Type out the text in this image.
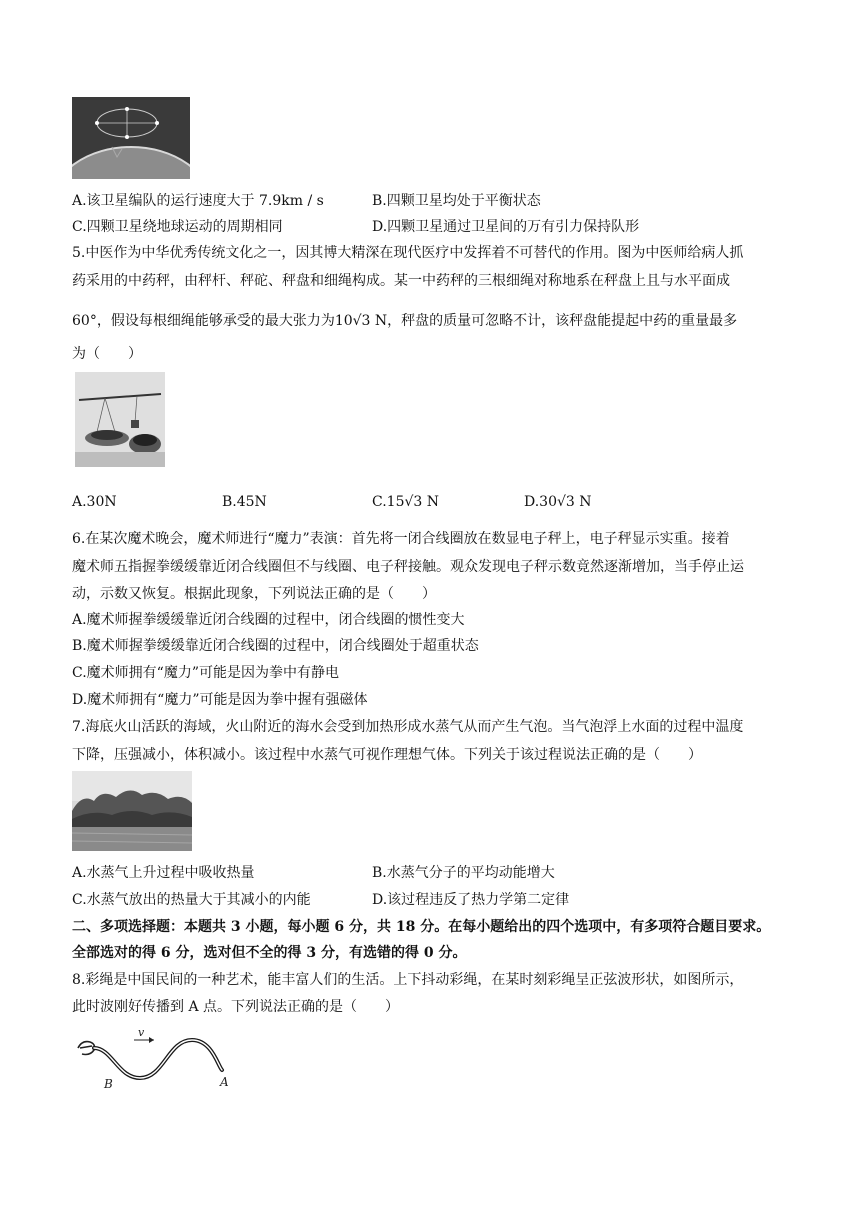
A.该卫星编队的运行速度大于 7.9km / s	B.四颗卫星均处于平衡状态
C.四颗卫星绕地球运动的周期相同	D.四颗卫星通过卫星间的万有引力保持队形
5.中医作为中华优秀传统文化之一，因其博大精深在现代医疗中发挥着不可替代的作用。图为中医师给病人抓
药采用的中药秤，由秤杆、秤砣、秤盘和细绳构成。某一中药秤的三根细绳对称地系在秤盘上且与水平面成
60°，假设每根细绳能够承受的最大张力为10√3 N，秤盘的质量可忽略不计，该秤盘能提起中药的重量最多
为（　　）
A.30N	B.45N	C.15√3 N	D.30√3 N
6.在某次魔术晚会，魔术师进行“魔力”表演：首先将一闭合线圈放在数显电子秤上，电子秤显示实重。接着
魔术师五指握拳缓缓靠近闭合线圈但不与线圈、电子秤接触。观众发现电子秤示数竟然逐渐增加，当手停止运
动，示数又恢复。根据此现象，下列说法正确的是（　　）
A.魔术师握拳缓缓靠近闭合线圈的过程中，闭合线圈的惯性变大
B.魔术师握拳缓缓靠近闭合线圈的过程中，闭合线圈处于超重状态
C.魔术师拥有“魔力”可能是因为拳中有静电
D.魔术师拥有“魔力”可能是因为拳中握有强磁体
7.海底火山活跃的海域，火山附近的海水会受到加热形成水蒸气从而产生气泡。当气泡浮上水面的过程中温度
下降，压强减小，体积减小。该过程中水蒸气可视作理想气体。下列关于该过程说法正确的是（　　）
A.水蒸气上升过程中吸收热量	B.水蒸气分子的平均动能增大
C.水蒸气放出的热量大于其减小的内能	D.该过程违反了热力学第二定律
二、多项选择题：本题共 3 小题，每小题 6 分，共 18 分。在每小题给出的四个选项中，有多项符合题目要求。
全部选对的得 6 分，选对但不全的得 3 分，有选错的得 0 分。
8.彩绳是中国民间的一种艺术，能丰富人们的生活。上下抖动彩绳，在某时刻彩绳呈正弦波形状，如图所示，
此时波刚好传播到 A 点。下列说法正确的是（　　）
v
B	A
